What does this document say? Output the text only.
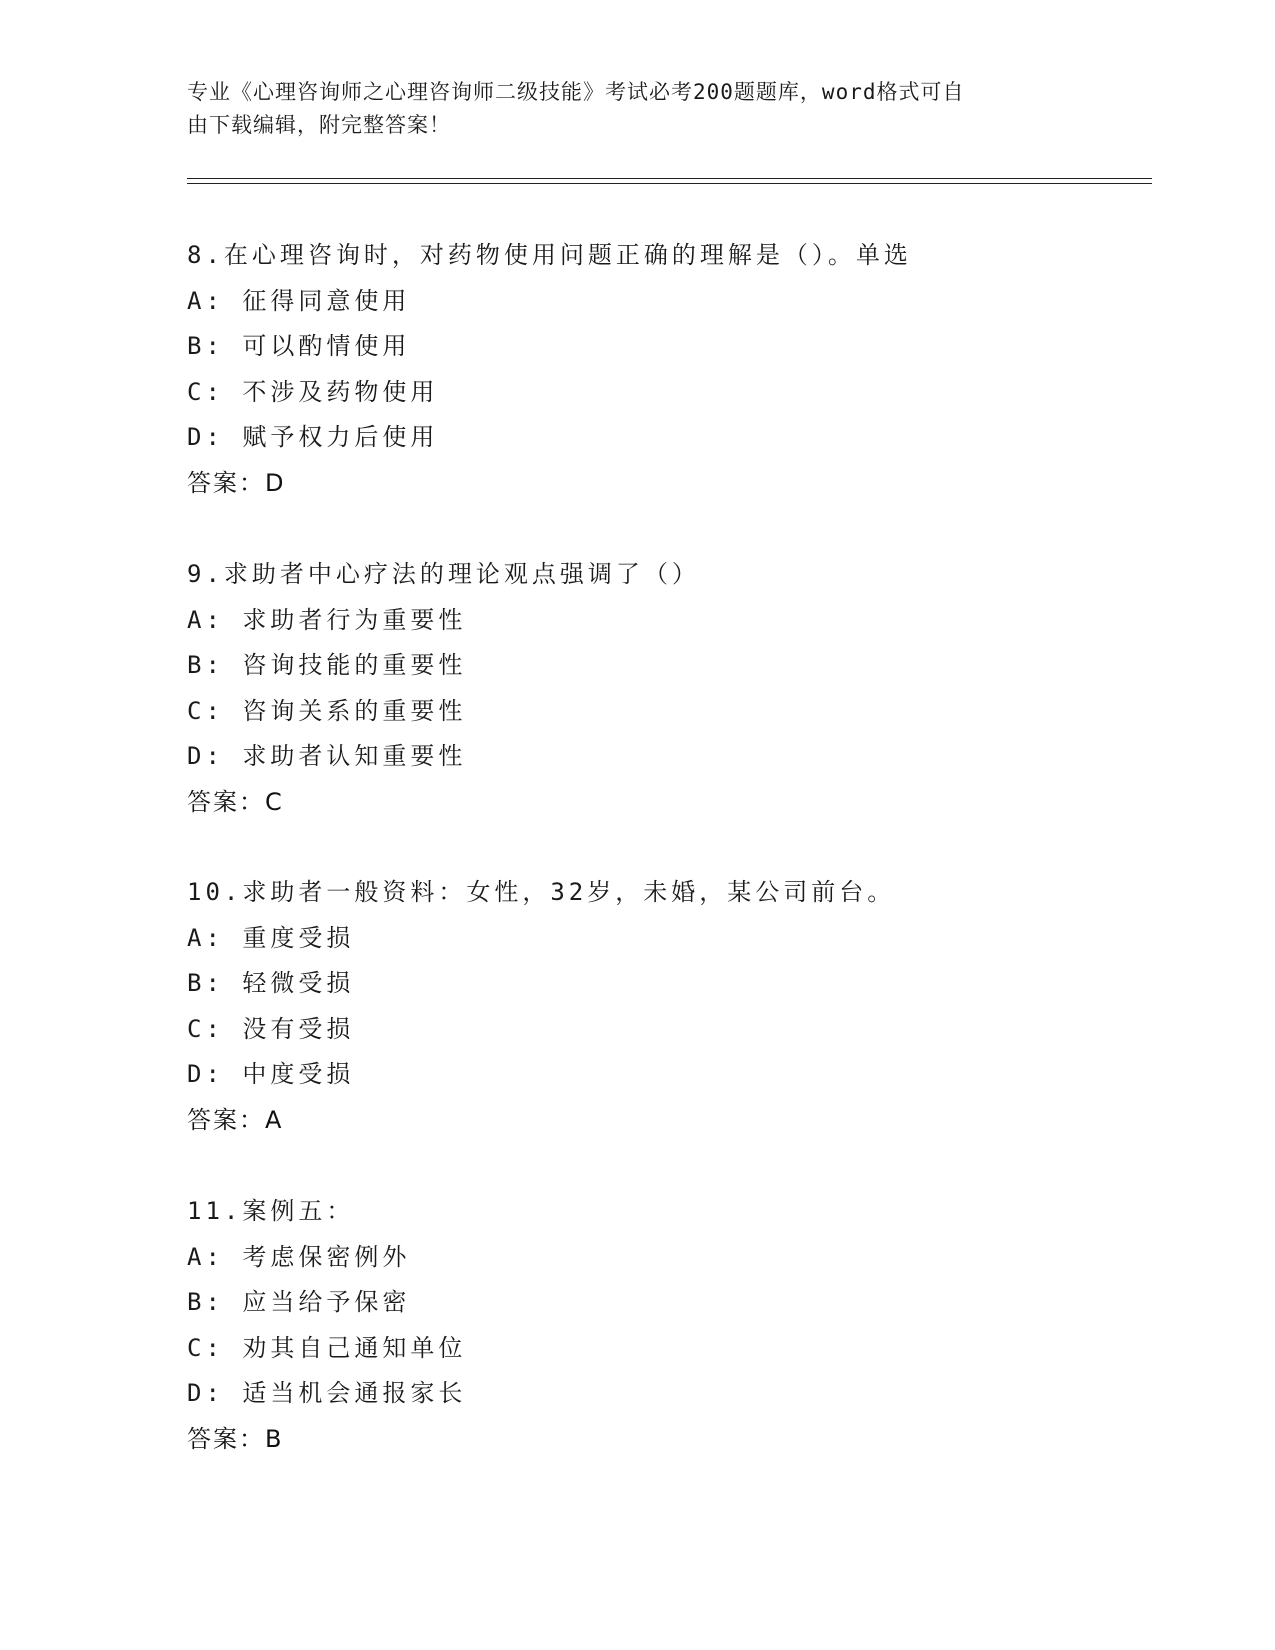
专业《心理咨询师之心理咨询师二级技能》考试必考200题题库，word格式可自
由下载编辑，附完整答案！
8.在心理咨询时，对药物使用问题正确的理解是（）。单选
A: 征得同意使用
B: 可以酌情使用
C: 不涉及药物使用
D: 赋予权力后使用
答案：D
9.求助者中心疗法的理论观点强调了（）
A: 求助者行为重要性
B: 咨询技能的重要性
C: 咨询关系的重要性
D: 求助者认知重要性
答案：C
10.求助者一般资料：女性，32岁，未婚，某公司前台。
A: 重度受损
B: 轻微受损
C: 没有受损
D: 中度受损
答案：A
11.案例五：
A: 考虑保密例外
B: 应当给予保密
C: 劝其自己通知单位
D: 适当机会通报家长
答案：B
